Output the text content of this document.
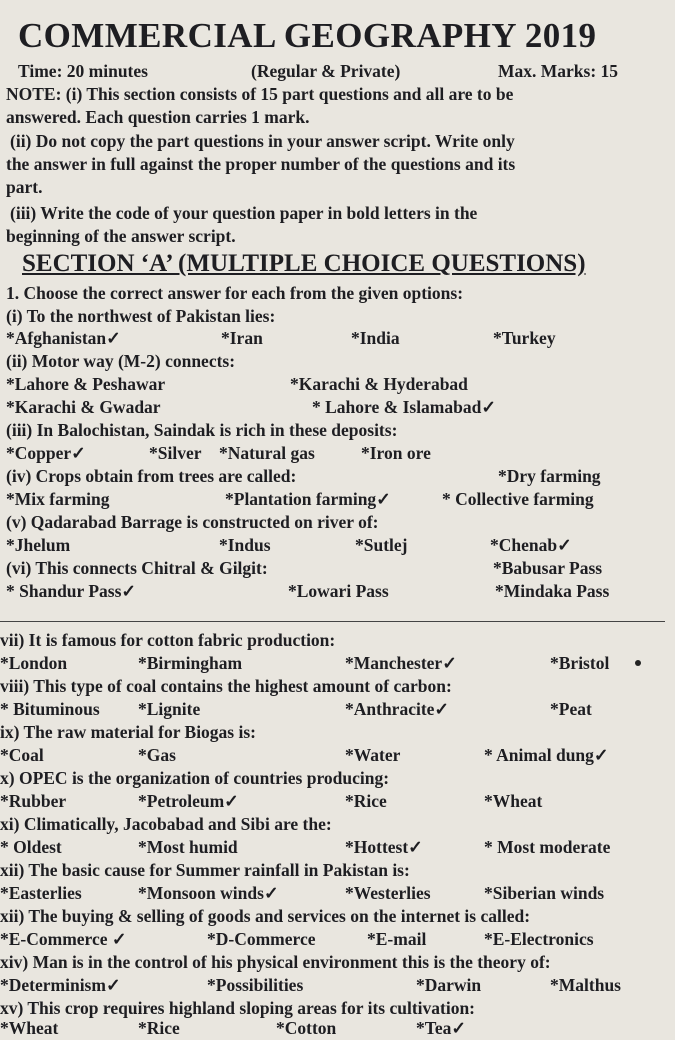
COMMERCIAL GEOGRAPHY 2019
Time: 20 minutes	(Regular & Private)	Max. Marks: 15
NOTE: (i) This section consists of 15 part questions and all are to be
answered. Each question carries 1 mark.
(ii) Do not copy the part questions in your answer script. Write only
the answer in full against the proper number of the questions and its
part.
(iii) Write the code of your question paper in bold letters in the
beginning of the answer script.
SECTION ‘A’ (MULTIPLE CHOICE QUESTIONS)
1. Choose the correct answer for each from the given options:
(i) To the northwest of Pakistan lies:
*Afghanistan✓	*Iran	*India	*Turkey
(ii) Motor way (M-2) connects:
*Lahore & Peshawar	*Karachi & Hyderabad
*Karachi & Gwadar	* Lahore & Islamabad✓
(iii) In Balochistan, Saindak is rich in these deposits:
*Copper✓	*Silver *Natural gas	*Iron ore
(iv) Crops obtain from trees are called:	*Dry farming
*Mix farming	*Plantation farming✓	* Collective farming
(v) Qadarabad Barrage is constructed on river of:
*Jhelum	*Indus	*Sutlej	*Chenab✓
(vi) This connects Chitral & Gilgit:	*Babusar Pass
* Shandur Pass✓	*Lowari Pass	*Mindaka Pass
vii) It is famous for cotton fabric production:
*London	*Birmingham	*Manchester✓	*Bristol
viii) This type of coal contains the highest amount of carbon:
* Bituminous *Lignite	*Anthracite✓	*Peat
ix) The raw material for Biogas is:
*Coal	*Gas	*Water	* Animal dung✓
x) OPEC is the organization of countries producing:
*Rubber	*Petroleum✓	*Rice	*Wheat
xi) Climatically, Jacobabad and Sibi are the:
* Oldest	*Most humid	*Hottest✓	* Most moderate
xii) The basic cause for Summer rainfall in Pakistan is:
*Easterlies	*Monsoon winds✓	*Westerlies	*Siberian winds
xii) The buying & selling of goods and services on the internet is called:
*E-Commerce ✓	*D-Commerce	*E-mail	*E-Electronics
xiv) Man is in the control of his physical environment this is the theory of:
*Determinism✓	*Possibilities	*Darwin	*Malthus
xv) This crop requires highland sloping areas for its cultivation:
*Wheat	*Rice	*Cotton	*Tea✓
